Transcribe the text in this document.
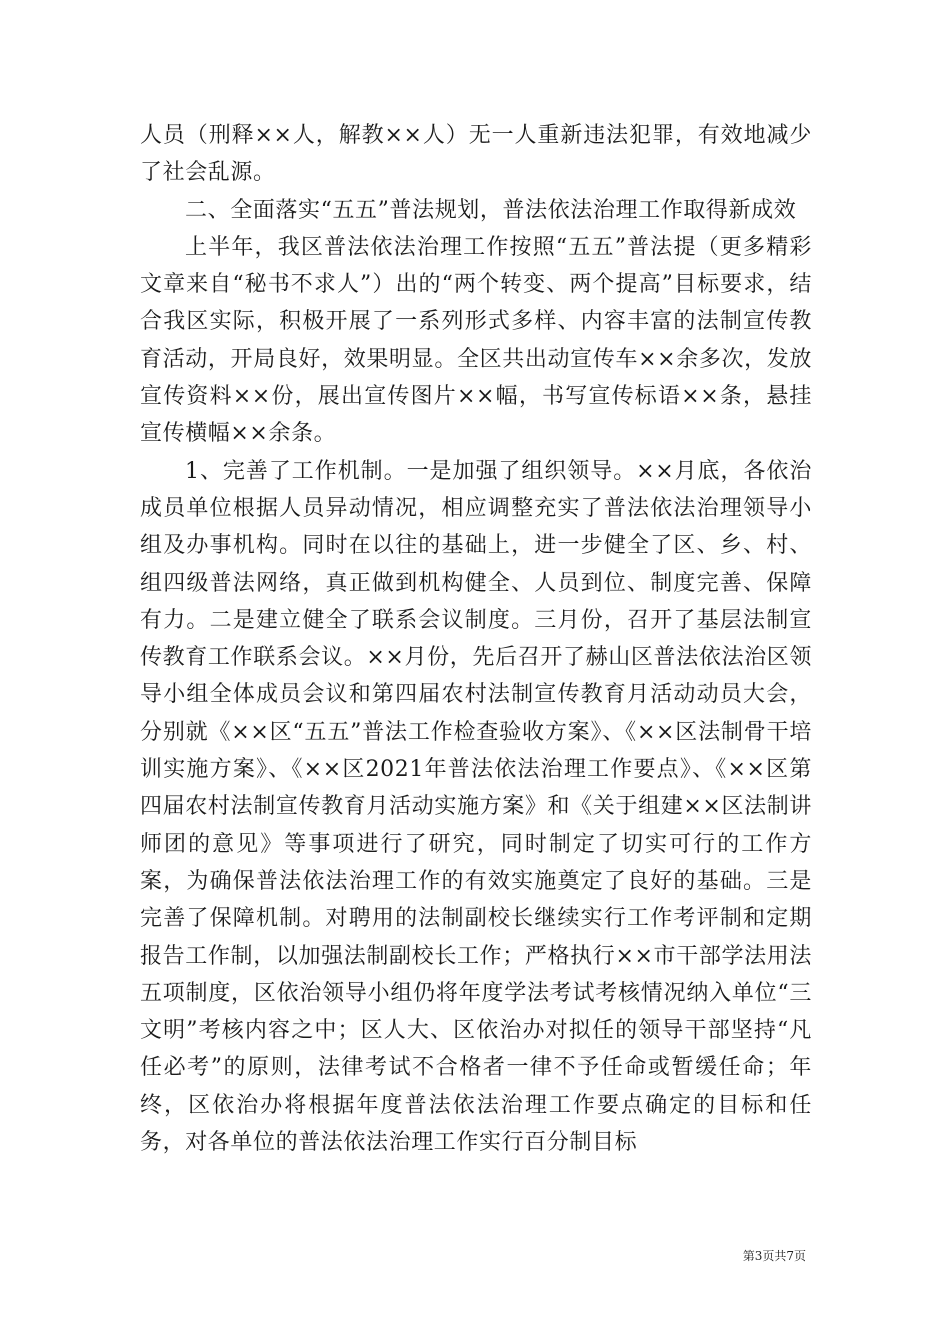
人员（刑释××人，解教××人）无一人重新违法犯罪，有效地减少了社会乱源。

二、全面落实“五五”普法规划，普法依法治理工作取得新成效

上半年，我区普法依法治理工作按照“五五”普法提（更多精彩文章来自“秘书不求人”）出的“两个转变、两个提高”目标要求，结合我区实际，积极开展了一系列形式多样、内容丰富的法制宣传教育活动，开局良好，效果明显。全区共出动宣传车××余多次，发放宣传资料××份，展出宣传图片××幅，书写宣传标语××条，悬挂宣传横幅××余条。

1、完善了工作机制。一是加强了组织领导。××月底，各依治成员单位根据人员异动情况，相应调整充实了普法依法治理领导小组及办事机构。同时在以往的基础上，进一步健全了区、乡、村、组四级普法网络，真正做到机构健全、人员到位、制度完善、保障有力。二是建立健全了联系会议制度。三月份，召开了基层法制宣传教育工作联系会议。××月份，先后召开了赫山区普法依法治区领导小组全体成员会议和第四届农村法制宣传教育月活动动员大会，分别就《××区“五五”普法工作检查验收方案》、《××区法制骨干培训实施方案》、《××区2021年普法依法治理工作要点》、《××区第四届农村法制宣传教育月活动实施方案》和《关于组建××区法制讲师团的意见》等事项进行了研究，同时制定了切实可行的工作方案，为确保普法依法治理工作的有效实施奠定了良好的基础。三是完善了保障机制。对聘用的法制副校长继续实行工作考评制和定期报告工作制，以加强法制副校长工作；严格执行××市干部学法用法五项制度，区依治领导小组仍将年度学法考试考核情况纳入单位“三文明”考核内容之中；区人大、区依治办对拟任的领导干部坚持“凡任必考”的原则，法律考试不合格者一律不予任命或暂缓任命；年终，区依治办将根据年度普法依法治理工作要点确定的目标和任务，对各单位的普法依法治理工作实行百分制目标

第3页共7页
